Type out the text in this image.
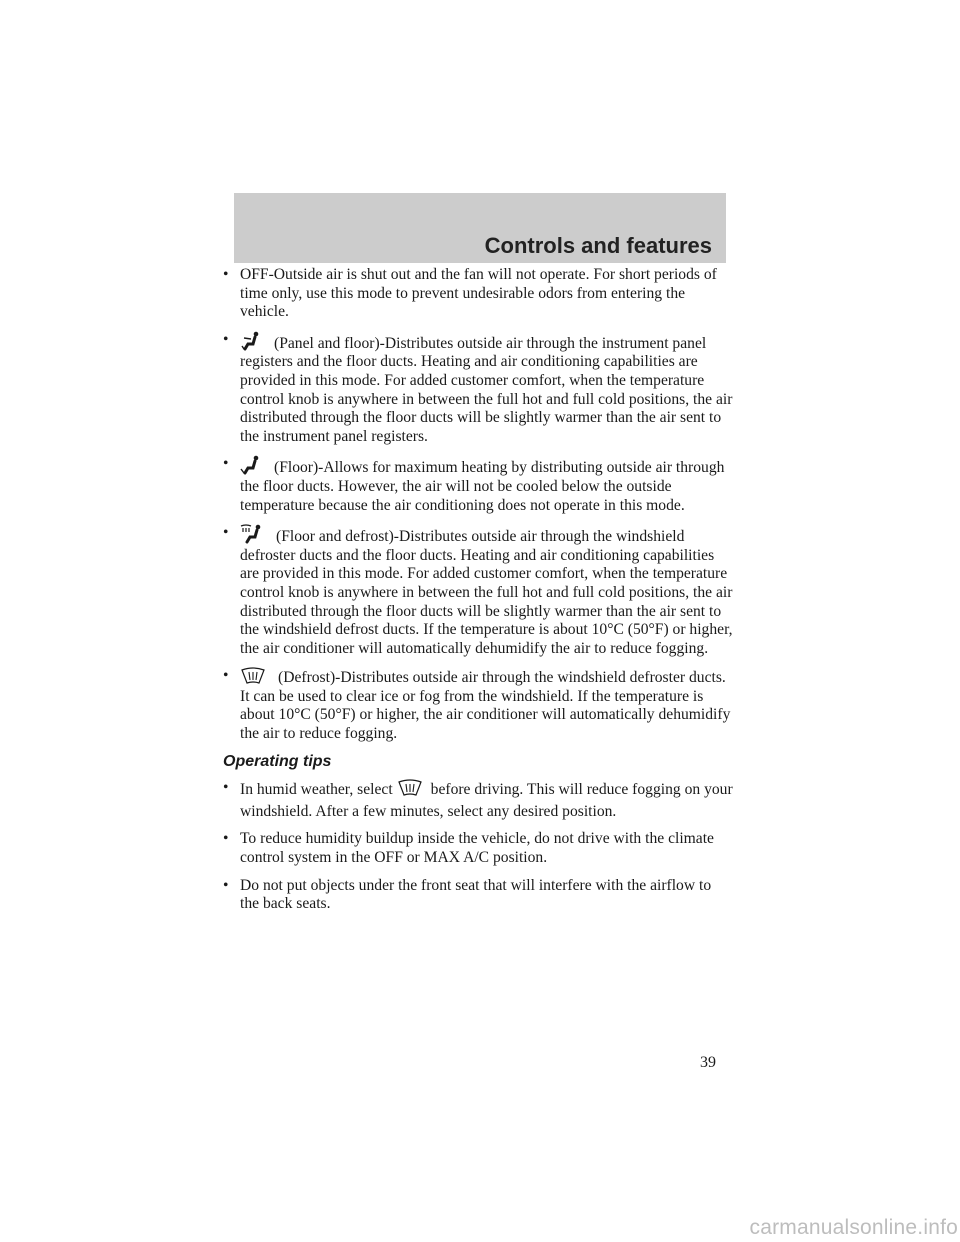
Controls and features
• OFF-Outside air is shut out and the fan will not operate. For short periods of time only, use this mode to prevent undesirable odors from entering the vehicle.
•	(Panel and floor)-Distributes outside air through the instrument panel registers and the floor ducts. Heating and air conditioning capabilities are provided in this mode. For added customer comfort, when the temperature control knob is anywhere in between the full hot and full cold positions, the air distributed through the floor ducts will be slightly warmer than the air sent to the instrument panel registers.
•	(Floor)-Allows for maximum heating by distributing outside air through the floor ducts. However, the air will not be cooled below the outside temperature because the air conditioning does not operate in this mode.
•	(Floor and defrost)-Distributes outside air through the windshield defroster ducts and the floor ducts. Heating and air conditioning capabilities are provided in this mode. For added customer comfort, when the temperature control knob is anywhere in between the full hot and full cold positions, the air distributed through the floor ducts will be slightly warmer than the air sent to the windshield defrost ducts. If the temperature is about 10°C (50°F) or higher, the air conditioner will automatically dehumidify the air to reduce fogging.
•	(Defrost)-Distributes outside air through the windshield defroster ducts. It can be used to clear ice or fog from the windshield. If the temperature is about 10°C (50°F) or higher, the air conditioner will automatically dehumidify the air to reduce fogging.
Operating tips
• In humid weather, select before driving. This will reduce fogging on your windshield. After a few minutes, select any desired position.
• To reduce humidity buildup inside the vehicle, do not drive with the climate control system in the OFF or MAX A/C position.
• Do not put objects under the front seat that will interfere with the airflow to the back seats.
39
carmanualsonline.info
